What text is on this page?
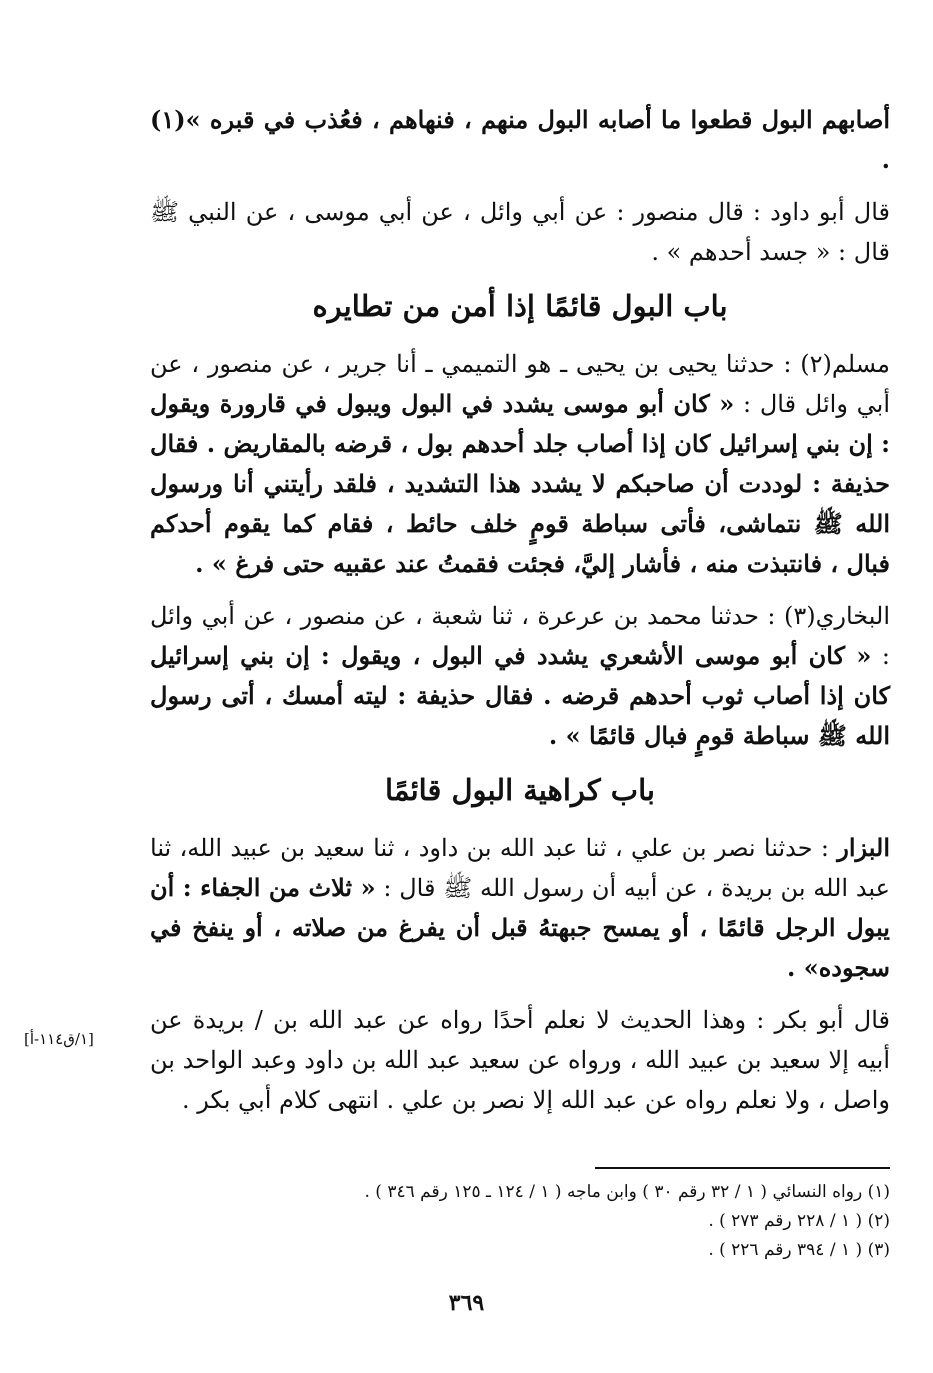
أصابهم البول قطعوا ما أصابه البول منهم ، فنهاهم ، فعُذب في قبره »(١) .

قال أبو داود : قال منصور : عن أبي وائل ، عن أبي موسى ، عن النبي ﷺ قال : « جسد أحدهم » .

باب البول قائمًا إذا أمن من تطايره

مسلم(٢) : حدثنا يحيى بن يحيى ـ هو التميمي ـ أنا جرير ، عن منصور ، عن أبي وائل قال : « كان أبو موسى يشدد في البول ويبول في قارورة ويقول : إن بني إسرائيل كان إذا أصاب جلد أحدهم بول ، قرضه بالمقاريض . فقال حذيفة : لوددت أن صاحبكم لا يشدد هذا التشديد ، فلقد رأيتني أنا ورسول الله ﷺ نتماشى، فأتى سباطة قومٍ خلف حائط ، فقام كما يقوم أحدكم فبال ، فانتبذت منه ، فأشار إليَّ، فجئت فقمتُ عند عقبيه حتى فرغ » .

البخاري(٣) : حدثنا محمد بن عرعرة ، ثنا شعبة ، عن منصور ، عن أبي وائل : « كان أبو موسى الأشعري يشدد في البول ، ويقول : إن بني إسرائيل كان إذا أصاب ثوب أحدهم قرضه . فقال حذيفة : ليته أمسك ، أتى رسول الله ﷺ سباطة قومٍ فبال قائمًا » .

باب كراهية البول قائمًا

البزار : حدثنا نصر بن علي ، ثنا عبد الله بن داود ، ثنا سعيد بن عبيد الله، ثنا عبد الله بن بريدة ، عن أبيه أن رسول الله ﷺ قال : « ثلاث من الجفاء : أن يبول الرجل قائمًا ، أو يمسح جبهتهُ قبل أن يفرغ من صلاته ، أو ينفخ في سجوده» .

قال أبو بكر : وهذا الحديث لا نعلم أحدًا رواه عن عبد الله بن / بريدة عن أبيه إلا سعيد بن عبيد الله ، ورواه عن سعيد عبد الله بن داود وعبد الواحد بن واصل ، ولا نعلم رواه عن عبد الله إلا نصر بن علي . انتهى كلام أبي بكر .

[١/ق١١٤-أ]
(١) رواه النسائي ( ١ / ٣٢ رقم ٣٠ ) وابن ماجه ( ١ / ١٢٤ ـ ١٢٥ رقم ٣٤٦ ) .
(٢) ( ١ / ٢٢٨ رقم ٢٧٣ ) .
(٣) ( ١ / ٣٩٤ رقم ٢٢٦ ) .
٣٦٩
